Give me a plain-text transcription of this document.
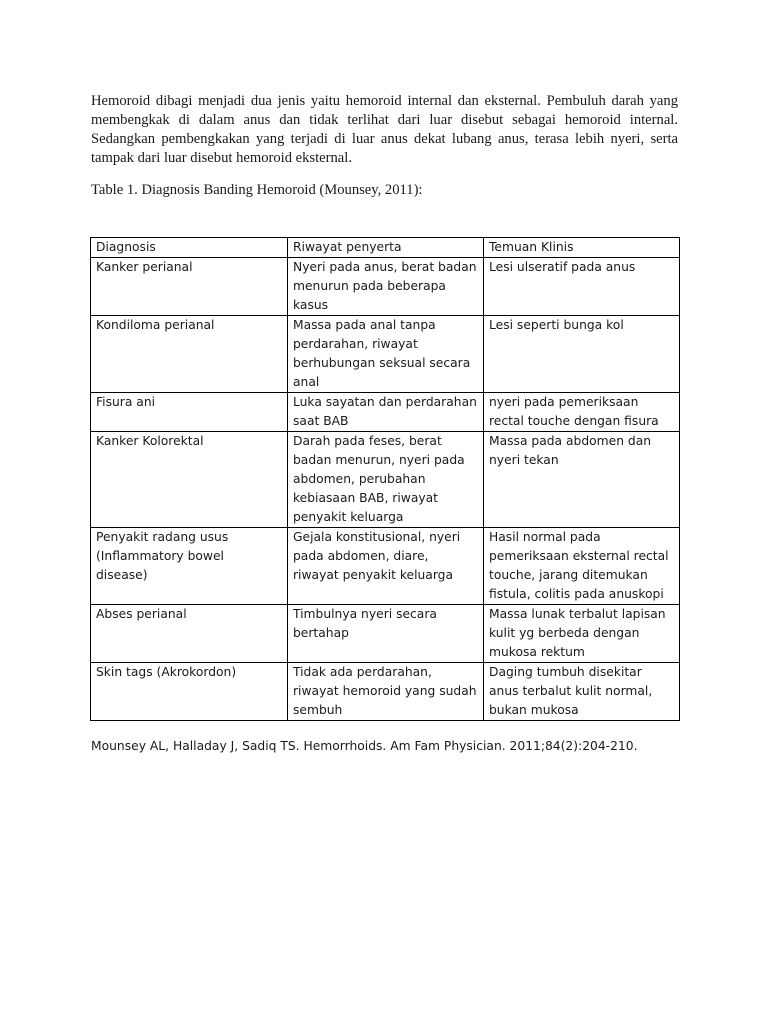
Hemoroid dibagi menjadi dua jenis yaitu hemoroid internal dan eksternal. Pembuluh darah yang membengkak di dalam anus dan tidak terlihat dari luar disebut sebagai hemoroid internal. Sedangkan pembengkakan yang terjadi di luar anus dekat lubang anus, terasa lebih nyeri, serta tampak dari luar disebut hemoroid eksternal.

Table 1. Diagnosis Banding Hemoroid (Mounsey, 2011):

Diagnosis	Riwayat penyerta	Temuan Klinis

Kanker perianal	Nyeri pada anus, berat badan
menurun pada beberapa
kasus	Lesi ulseratif pada anus

Kondiloma perianal	Massa pada anal tanpa
perdarahan, riwayat
berhubungan seksual secara
anal	Lesi seperti bunga kol

Fisura ani	Luka sayatan dan perdarahan
saat BAB	nyeri pada pemeriksaan
rectal touche dengan fisura

Kanker Kolorektal	Darah pada feses, berat
badan menurun, nyeri pada
abdomen, perubahan
kebiasaan BAB, riwayat
penyakit keluarga	Massa pada abdomen dan
nyeri tekan

Penyakit radang usus
(Inflammatory bowel
disease)	Gejala konstitusional, nyeri
pada abdomen, diare,
riwayat penyakit keluarga	Hasil normal pada
pemeriksaan eksternal rectal
touche, jarang ditemukan
fistula, colitis pada anuskopi

Abses perianal	Timbulnya nyeri secara
bertahap	Massa lunak terbalut lapisan
kulit yg berbeda dengan
mukosa rektum

Skin tags (Akrokordon)	Tidak ada perdarahan,
riwayat hemoroid yang sudah
sembuh	Daging tumbuh disekitar
anus terbalut kulit normal,
bukan mukosa

Mounsey AL, Halladay J, Sadiq TS. Hemorrhoids. Am Fam Physician. 2011;84(2):204-210.
